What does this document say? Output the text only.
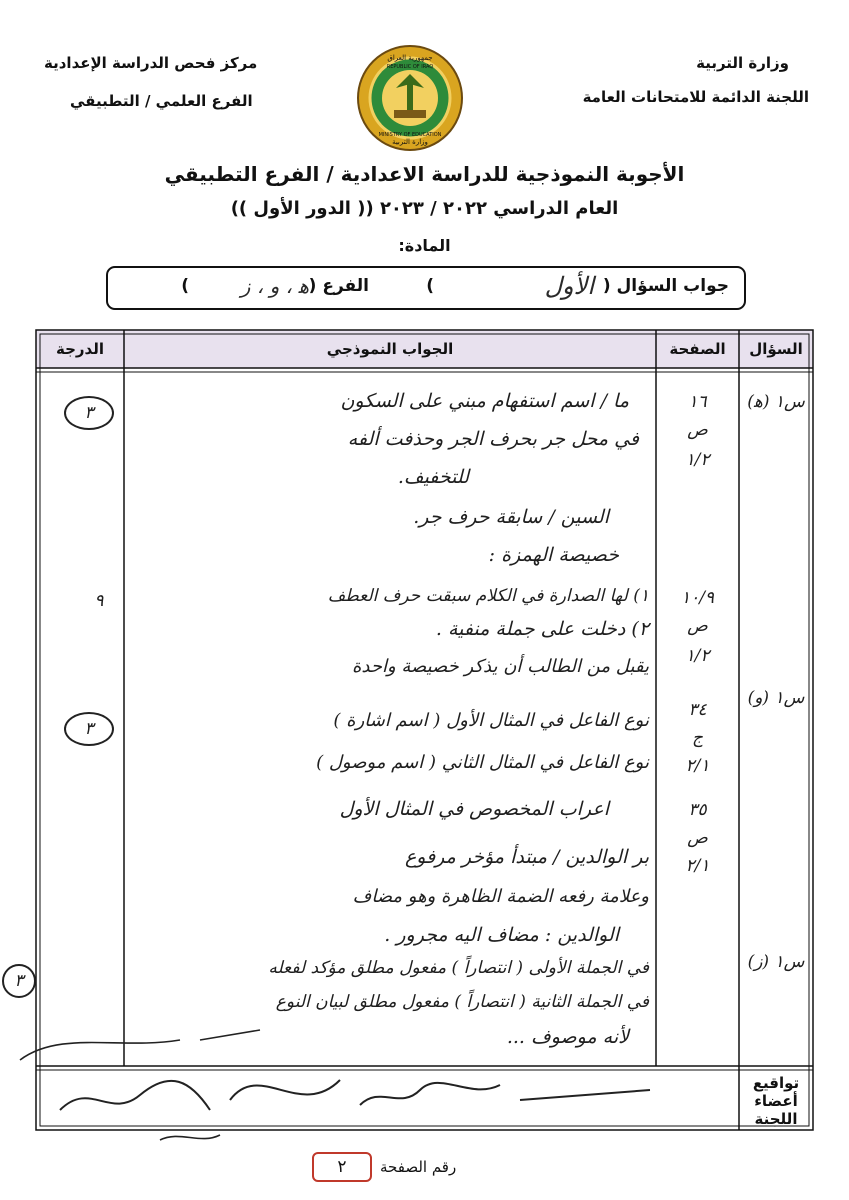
وزارة التربية
اللجنة الدائمة للامتحانات العامة
مركز فحص الدراسة الإعدادية
الفرع العلمي / التطبيقي
جمهورية العراق
REPUBLIC OF IRAQ
MINISTRY OF EDUCATION
وزارة التربية
الأجوبة النموذجية للدراسة الاعدادية / الفرع التطبيقي
العام الدراسي ٢٠٢٢ / ٢٠٢٣ (( الدور الأول ))
المادة:
جواب السؤال (
الأول
)
الفرع (
ﻫ ، و ، ز
)
السؤال
الصفحة
الجواب النموذجي
الدرجة
س١ (ﻫ)
س١ (و)
س١ (ز)
١٦
ص
١/٢
١٠/٩
ص
١/٢
٣٤
ج
٢/١
٣٥
ص
٢/١
ما / اسم استفهام مبني على السكون
في محل جر بحرف الجر وحذفت ألفه
للتخفيف.
السين / سابقة حرف جر.
خصيصة الهمزة :
١) لها الصدارة في الكلام سبقت حرف العطف
٢) دخلت على جملة منفية .
يقبل من الطالب أن يذكر خصيصة واحدة
نوع الفاعل في المثال الأول ( اسم اشارة )
نوع الفاعل في المثال الثاني ( اسم موصول )
اعراب المخصوص في المثال الأول
بر الوالدين / مبتدأ مؤخر مرفوع
وعلامة رفعه الضمة الظاهرة وهو مضاف
الوالدين : مضاف اليه مجرور .
في الجملة الأولى ( انتصاراً ) مفعول مطلق مؤكد لفعله
في الجملة الثانية ( انتصاراً ) مفعول مطلق لبيان النوع
لأنه موصوف ...
٣
٩
٣
٣
تواقيع أعضاء
اللجنة
رقم الصفحة
٢
